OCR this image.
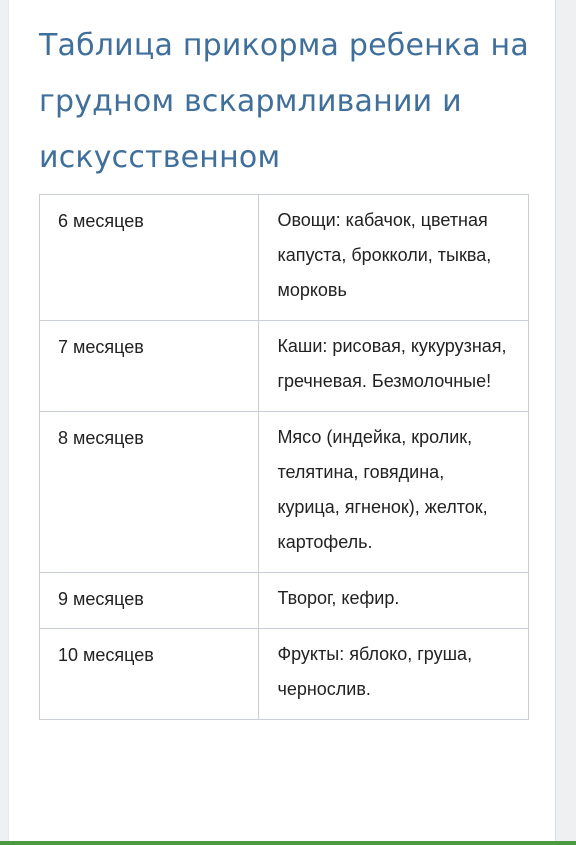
Таблица прикорма ребенка на грудном вскармливании и искусственном
6 месяцев	Овощи: кабачок, цветная капуста, брокколи, тыква, морковь
7 месяцев	Каши: рисовая, кукурузная, гречневая. Безмолочные!
8 месяцев	Мясо (индейка, кролик, телятина, говядина, курица, ягненок), желток, картофель.
9 месяцев	Творог, кефир.
10 месяцев	Фрукты: яблоко, груша, чернослив.
